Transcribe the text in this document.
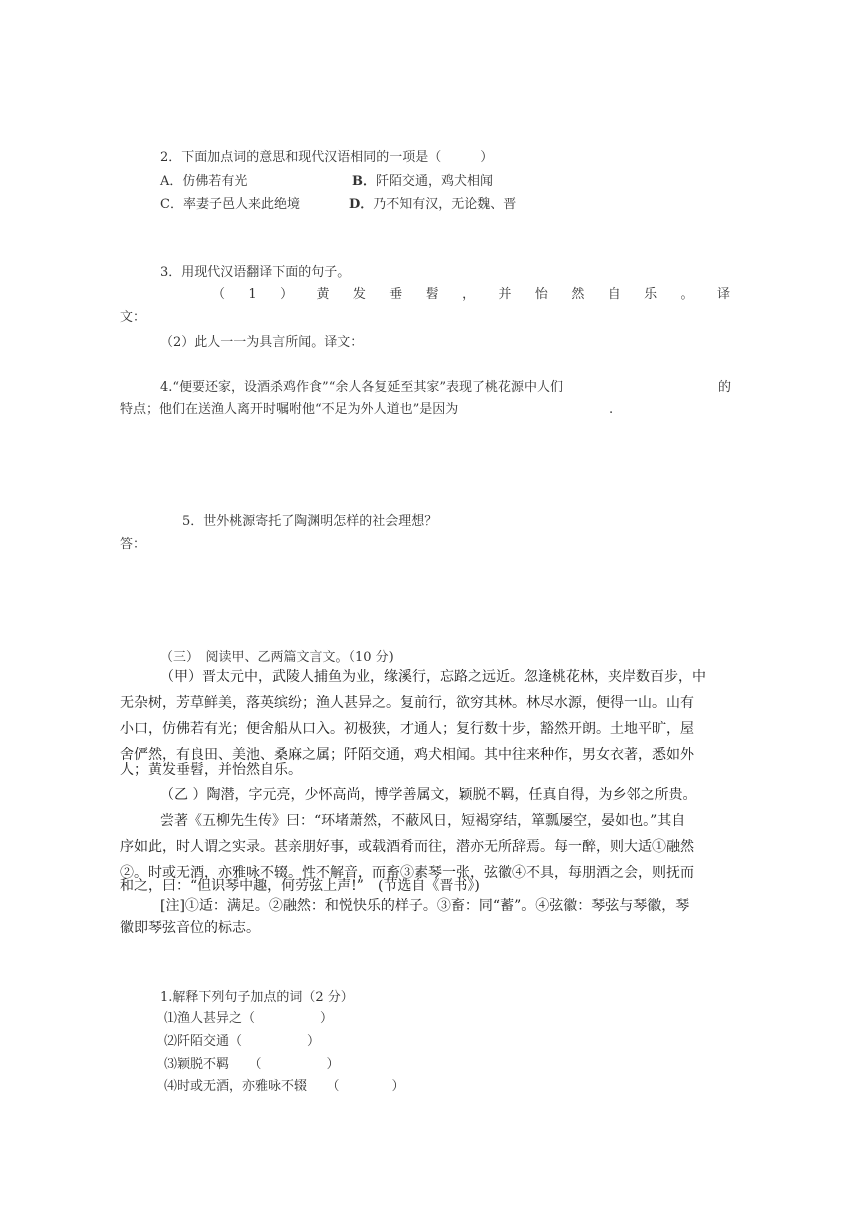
2．下面加点词的意思和现代汉语相同的一项是（　　　）
A．仿佛若有光	B．阡陌交通，鸡犬相闻
C．率妻子邑人来此绝境	D．乃不知有汉，无论魏、晋
3．用现代汉语翻译下面的句子。
（ 1 ） 黄 发 垂 髫 ， 并 怡 然 自 乐 。 译
文：
（2）此人一一为具言所闻。译文：
4.“便要还家，设酒杀鸡作食”“余人各复延至其家”表现了桃花源中人们	的
特点；他们在送渔人离开时嘱咐他“不足为外人道也”是因为	.
5．世外桃源寄托了陶渊明怎样的社会理想？
答：
（三）　阅读甲、乙两篇文言文。（10 分)
（甲）晋太元中，武陵人捕鱼为业，缘溪行，忘路之远近。忽逢桃花林，夹岸数百步，中
无杂树，芳草鲜美，落英缤纷；渔人甚异之。复前行，欲穷其林。林尽水源，便得一山。山有
小口，仿佛若有光；便舍船从口入。初极狭，才通人；复行数十步，豁然开朗。土地平旷，屋
舍俨然，有良田、美池、桑麻之属；阡陌交通，鸡犬相闻。其中往来种作，男女衣著，悉如外
人；黄发垂髫，并怡然自乐。
（乙 ）陶潜，字元亮，少怀高尚，博学善属文，颖脱不羁，任真自得，为乡邻之所贵。
尝著《五柳先生传》曰：“环堵萧然，不蔽风日，短褐穿结，箪瓢屡空，晏如也。”其自
序如此，时人谓之实录。甚亲朋好事，或载酒肴而往，潜亦无所辞焉。每一醉，则大适①融然
②。时或无酒，亦雅咏不辍。性不解音，而畜③素琴一张，弦徽④不具，每朋酒之会，则抚而
和之，曰：“但识琴中趣，何劳弦上声!”　(节选自《晋书》)
[注]①适：满足。②融然：和悦快乐的样子。③畜：同“蓄”。④弦徽：琴弦与琴徽，琴
徽即琴弦音位的标志。
1.解释下列句子加点的词（2 分）
⑴渔人甚异之（　　　　　）
⑵阡陌交通（　　　　　）
⑶颖脱不羁　　（　　　　　）
⑷时或无酒，亦雅咏不辍　　（　　　　）
